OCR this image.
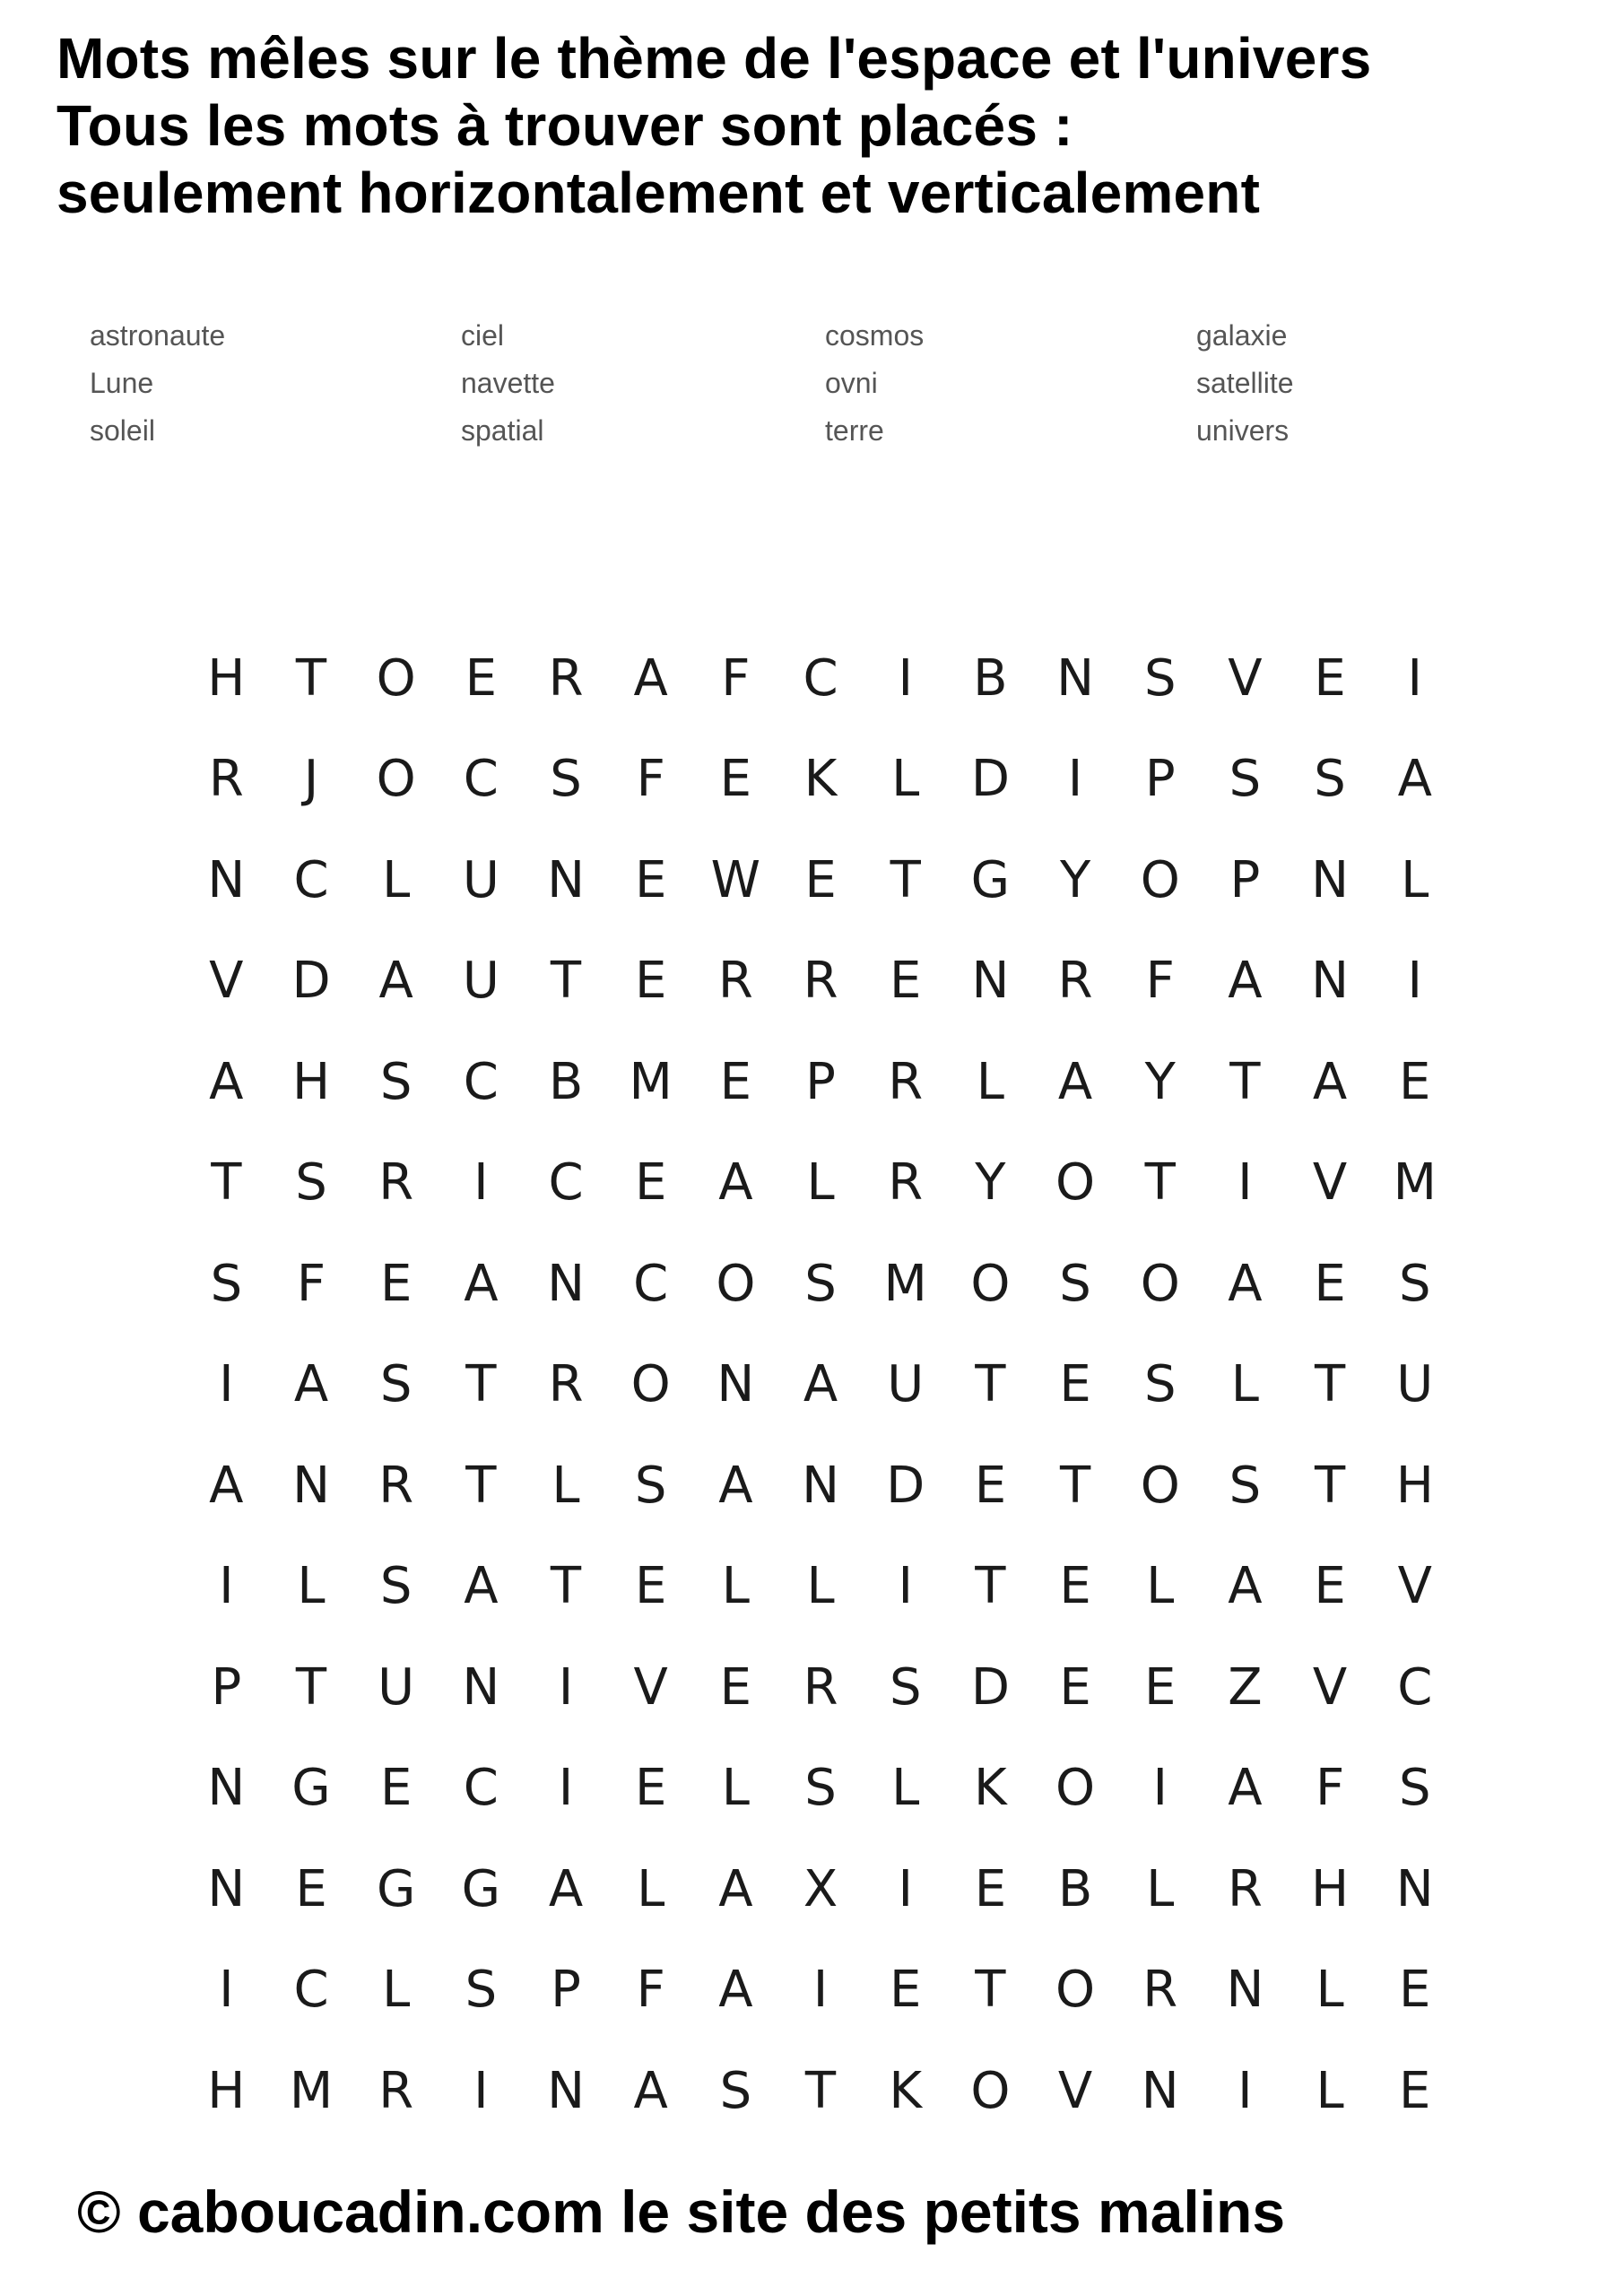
Mots mêles sur le thème de l'espace et l'univers
Tous les mots à trouver sont placés :
seulement horizontalement et verticalement
astronaute	ciel	cosmos	galaxie
Lune	navette	ovni	satellite
soleil	spatial	terre	univers
H	T O E	R	A	F	C	I	B N S	V	E	I
R	J	O C	S	F	E	K	L	D	I	P	S	S	A
N C	L	U N	E W E	T G Y O P	N	L
V D A U	T	E	R R	E	N R	F	A N	I
A H S	C B M E	P	R	L	A	Y	T	A	E
T	S	R	I	C	E	A	L	R	Y O T	I	V M
S	F	E	A N C O S M O S O A	E	S
I	A	S	T	R O N A U	T	E	S	L	T	U
A N R	T	L	S	A N D E	T O S	T	H
I	L	S	A	T	E	L	L	I	T	E	L	A	E	V
P	T	U N	I	V	E	R	S D E	E	Z	V C
N G E	C	I	E	L	S	L	K O	I	A	F	S
N	E G G A	L	A	X	I	E	B	L	R H N
I	C	L	S	P	F	A	I	E	T O R N	L	E
H M R	I	N A	S	T	K O V N	I	L	E
© caboucadin.com le site des petits malins
